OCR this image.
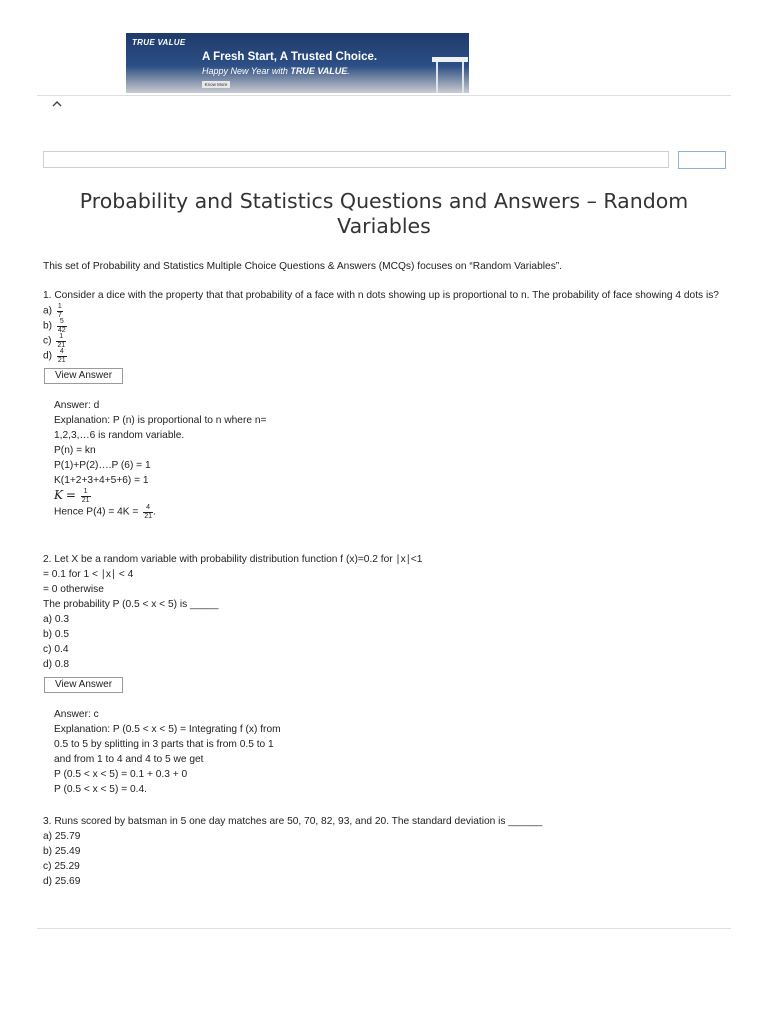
TRUE VALUE
A Fresh Start, A Trusted Choice.
Happy New Year with TRUE VALUE.
Know More
Probability and Statistics Questions and Answers – Random Variables

This set of Probability and Statistics Multiple Choice Questions & Answers (MCQs) focuses on “Random Variables”.

1. Consider a dice with the property that that probability of a face with n dots showing up is proportional to n. The probability of face showing 4 dots is?

$a) \frac{1}{7}$
$b) \frac{5}{42}$
$c) \frac{1}{21}$
$d) \frac{4}{21}$
View Answer

Answer: d

Explanation: P (n) is proportional to n where n=

1,2,3,…6 is random variable.

P(n) = kn

P(1)+P(2)….P (6) = 1

K(1+2+3+4+5+6) = 1

$K = \frac{1}{21}$

Hence $P(4) = 4K = \frac{4}{21}$ .

2. Let X be a random variable with probability distribution function f (x)=0.2 for ∣x∣<1

= 0.1 for 1 < ∣x∣ < 4

= 0 otherwise

The probability P (0.5 < x < 5) is _____

a) 0.3

b) 0.5

c) 0.4

d) 0.8

View Answer

Answer: c

Explanation: P (0.5 < x < 5) = Integrating f (x) from

0.5 to 5 by splitting in 3 parts that is from 0.5 to 1

and from 1 to 4 and 4 to 5 we get

P (0.5 < x < 5) = 0.1 + 0.3 + 0

P (0.5 < x < 5) = 0.4.

3. Runs scored by batsman in 5 one day matches are 50, 70, 82, 93, and 20. The standard deviation is ______

a) 25.79

b) 25.49

c) 25.29

d) 25.69
